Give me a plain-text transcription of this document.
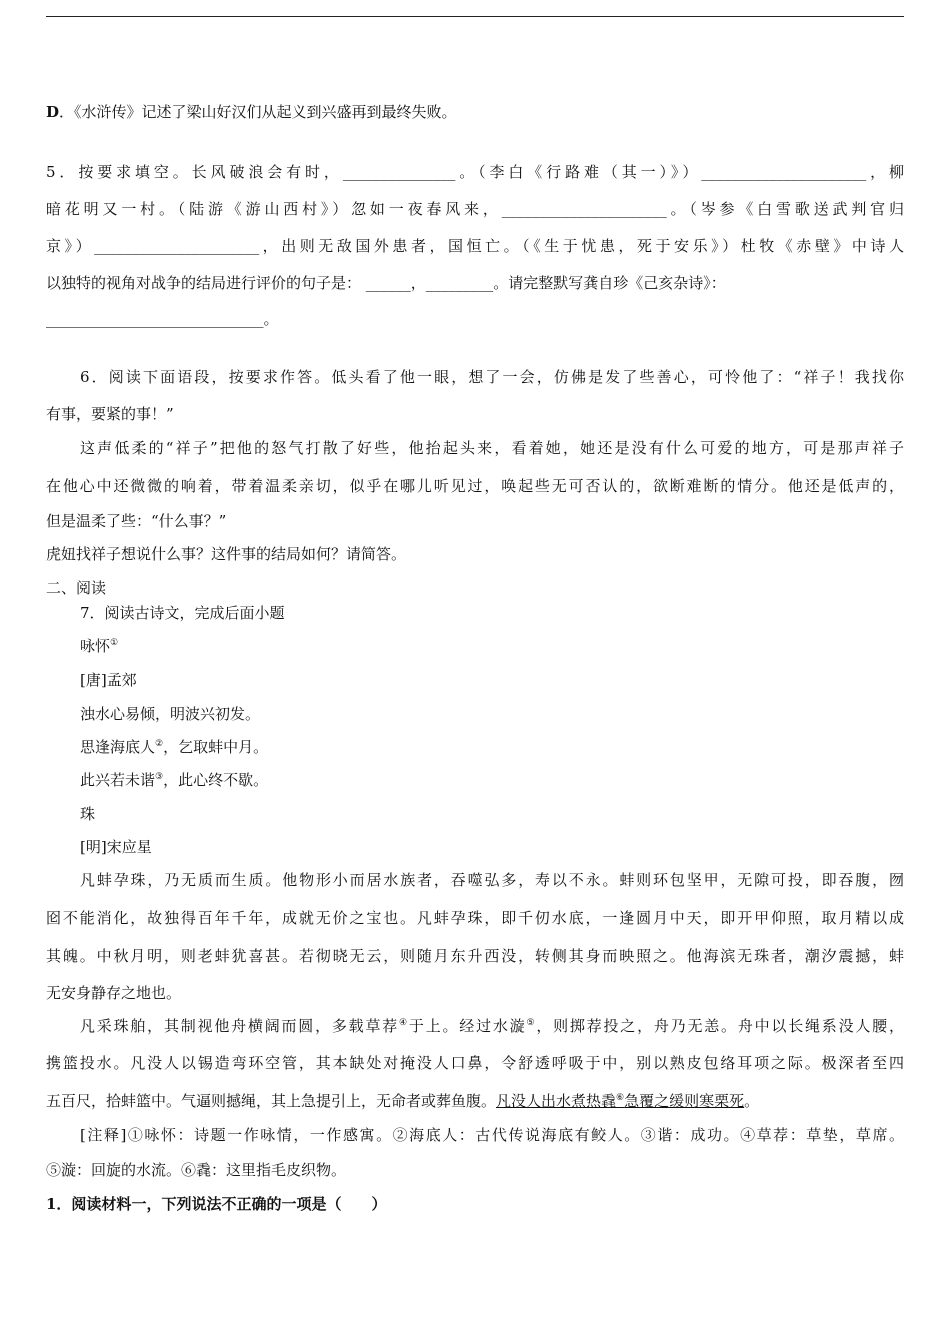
D．《水浒传》记述了梁山好汉们从起义到兴盛再到最终失败。
5．按要求填空。长风破浪会有时，_______________。（李白《行路难（其一）》）______________________，柳
暗花明又一村。（陆游《游山西村》）忽如一夜春风来，______________________。（岑参《白雪歌送武判官归
京》）______________________，出则无敌国外患者，国恒亡。（《生于忧患，死于安乐》）杜牧《赤壁》中诗人
以独特的视角对战争的结局进行评价的句子是： ______，_________。请完整默写龚自珍《己亥杂诗》：
_____________________________。
6．阅读下面语段，按要求作答。低头看了他一眼，想了一会，仿佛是发了些善心，可怜他了：“祥子！我找你
有事，要紧的事！”
这声低柔的“祥子”把他的怒气打散了好些，他抬起头来，看着她，她还是没有什么可爱的地方，可是那声祥子
在他心中还微微的响着，带着温柔亲切，似乎在哪儿听见过，唤起些无可否认的，欲断难断的情分。他还是低声的，
但是温柔了些：“什么事？”
虎妞找祥子想说什么事？这件事的结局如何？请简答。
二、阅读
7．阅读古诗文，完成后面小题
咏怀①
[唐]孟郊
浊水心易倾，明波兴初发。
思逢海底人②，乞取蚌中月。
此兴若未谐③，此心终不歇。
珠
[明]宋应星
凡蚌孕珠，乃无质而生质。他物形小而居水族者，吞噬弘多，寿以不永。蚌则环包坚甲，无隙可投，即吞腹，囫
囵不能消化，故独得百年千年，成就无价之宝也。凡蚌孕珠，即千仞水底，一逢圆月中天，即开甲仰照，取月精以成
其魄。中秋月明，则老蚌犹喜甚。若彻晓无云，则随月东升西没，转侧其身而映照之。他海滨无珠者，潮汐震撼，蚌
无安身静存之地也。
凡采珠舶，其制视他舟横阔而圆，多载草荐④于上。经过水漩⑤，则掷荐投之，舟乃无恙。舟中以长绳系没人腰，
携篮投水。凡没人以锡造弯环空管，其本缺处对掩没人口鼻，令舒透呼吸于中，别以熟皮包络耳项之际。极深者至四
五百尺，拾蚌篮中。气逼则撼绳，其上急提引上，无命者或葬鱼腹。凡没人出水煮热毳⑥急覆之缓则寒栗死。
[注释]①咏怀：诗题一作咏情，一作感寓。②海底人：古代传说海底有鲛人。③谐：成功。④草荐：草垫，草席。
⑤漩：回旋的水流。⑥毳：这里指毛皮织物。
1．阅读材料一，下列说法不正确的一项是（　　）
